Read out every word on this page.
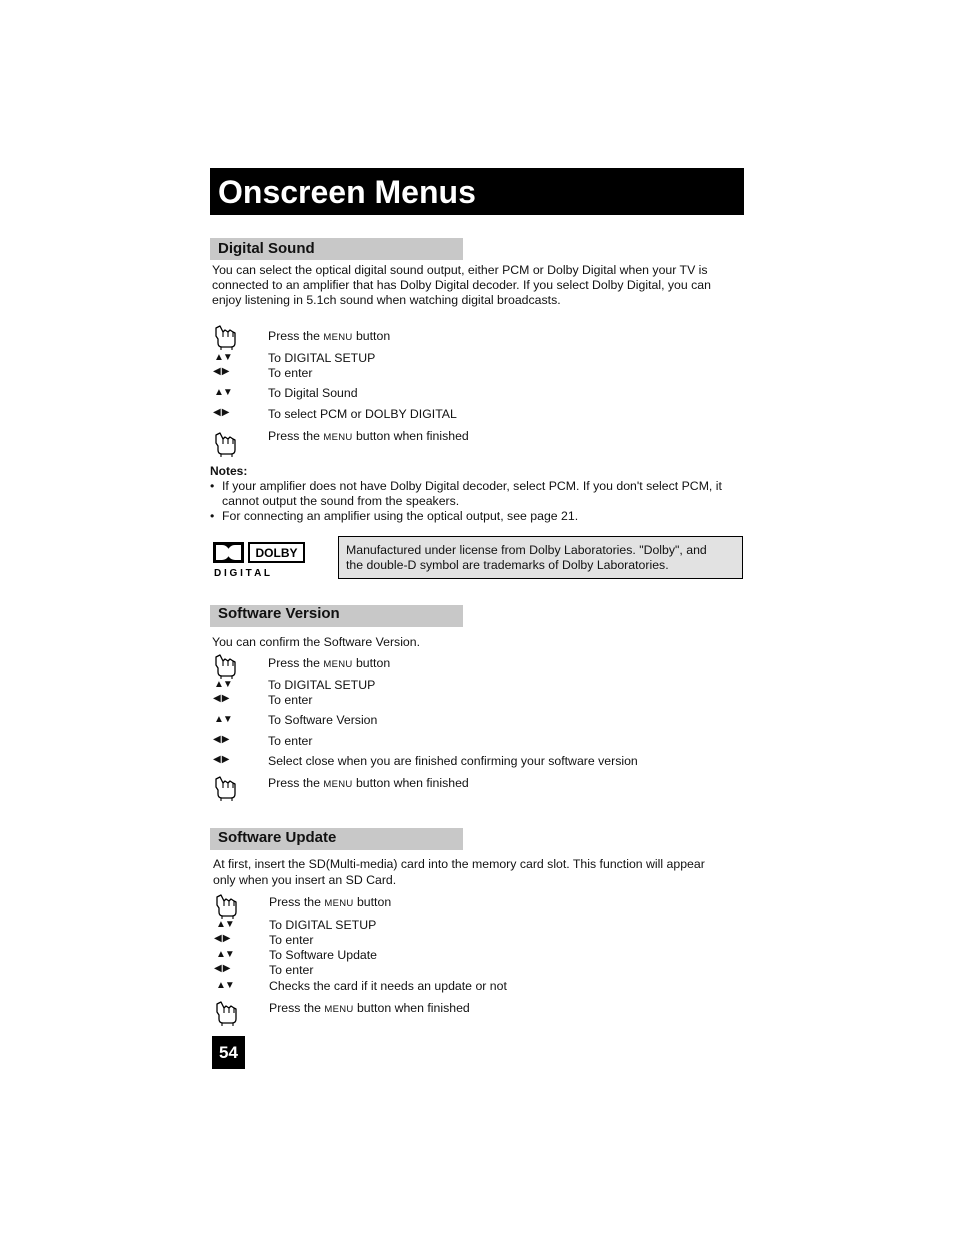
Onscreen Menus
Digital Sound
You can select the optical digital sound output, either PCM or Dolby Digital when your TV is
connected to an amplifier that has Dolby Digital decoder. If you select Dolby Digital, you can
enjoy listening in 5.1ch sound when watching digital broadcasts.
▲▼
◀▶
▲▼
◀▶
Press the MENU button
To DIGITAL SETUP
To enter
To Digital Sound
To select PCM or DOLBY DIGITAL
Press the MENU button when finished
Notes:
• If your amplifier does not have Dolby Digital decoder, select PCM. If you don't select PCM, it
cannot output the sound from the speakers.
• For connecting an amplifier using the optical output, see page 21.
DOLBY
D I G I T A L
Manufactured under license from Dolby Laboratories. "Dolby", and
the double-D symbol are trademarks of Dolby Laboratories.
Software Version
You can confirm the Software Version.
▲▼
◀▶
▲▼
◀▶
◀▶
Press the MENU button
To DIGITAL SETUP
To enter
To Software Version
To enter
Select close when you are finished confirming your software version
Press the MENU button when finished
Software Update
At first, insert the SD(Multi-media) card into the memory card slot. This function will appear
only when you insert an SD Card.
▲▼
◀▶
▲▼
◀▶
▲▼
Press the MENU button
To DIGITAL SETUP
To enter
To Software Update
To enter
Checks the card if it needs an update or not
Press the MENU button when finished
54
